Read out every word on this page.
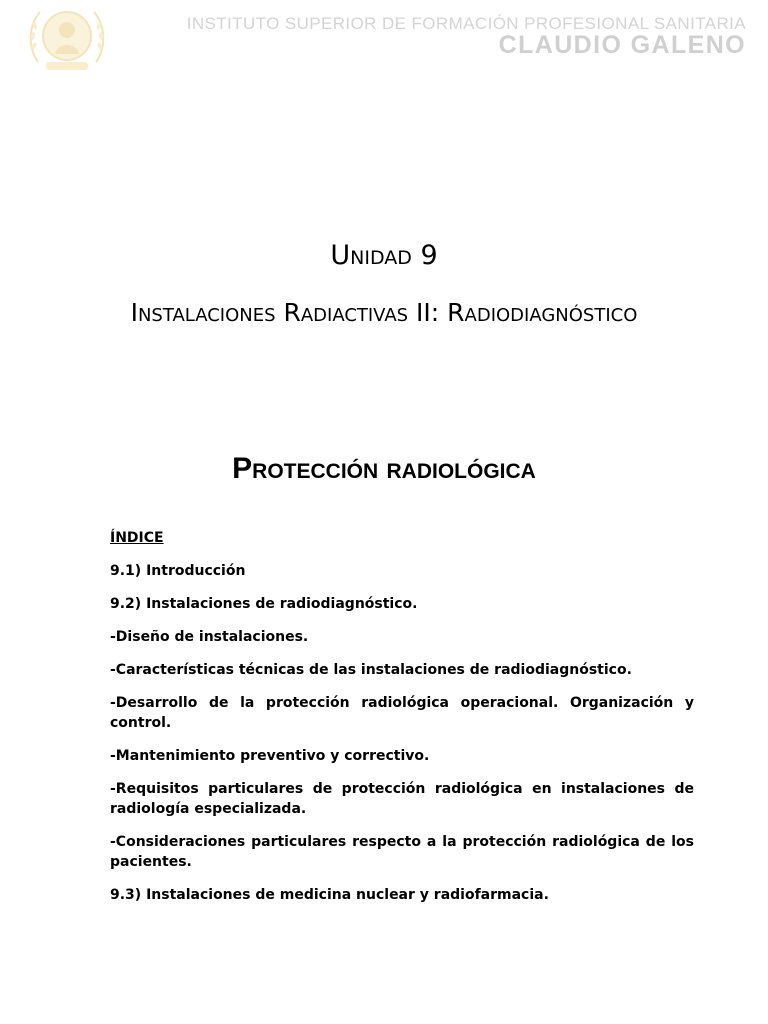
INSTITUTO SUPERIOR DE FORMACIÓN PROFESIONAL SANITARIA
CLAUDIO GALENO
Unidad 9
Instalaciones Radiactivas II: Radiodiagnóstico
Protección radiológica
ÍNDICE
9.1) Introducción
9.2) Instalaciones de radiodiagnóstico.
-Diseño de instalaciones.
-Características técnicas de las instalaciones de radiodiagnóstico.
-Desarrollo de la protección radiológica operacional. Organización y control.
-Mantenimiento preventivo y correctivo.
-Requisitos particulares de protección radiológica en instalaciones de radiología especializada.
-Consideraciones particulares respecto a la protección radiológica de los pacientes.
9.3) Instalaciones de medicina nuclear y radiofarmacia.
